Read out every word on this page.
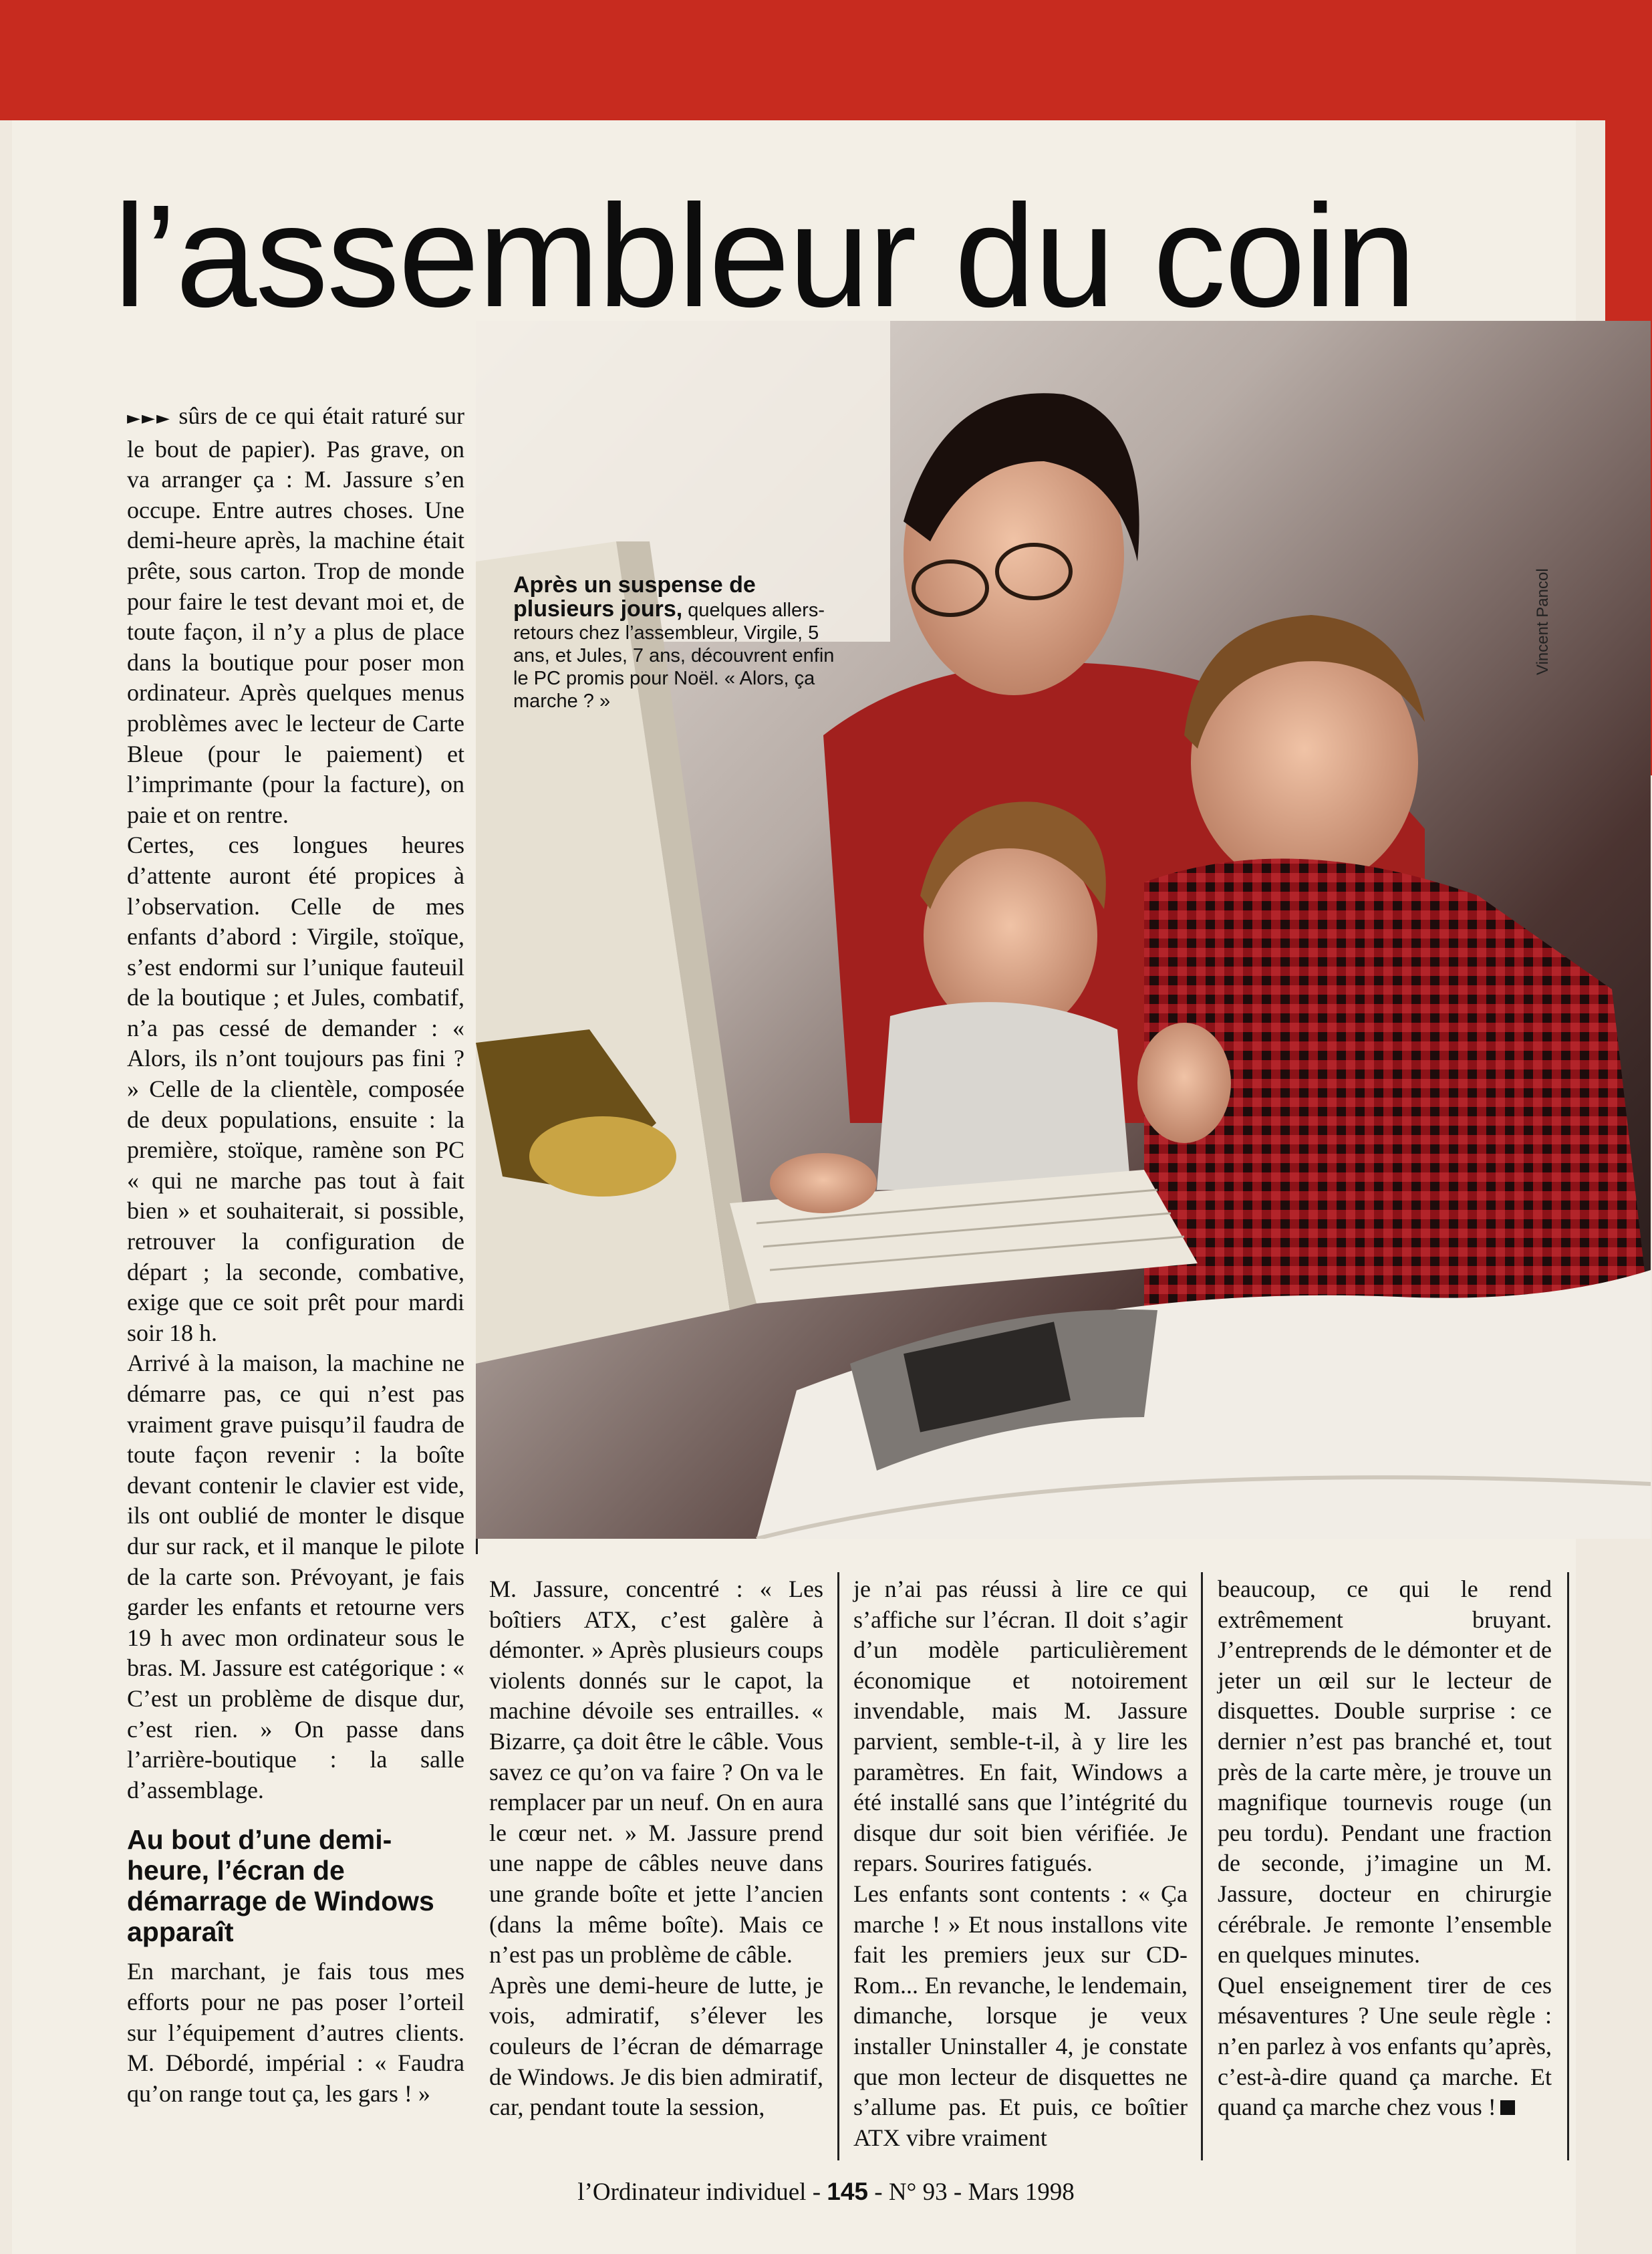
l’assembleur du coin
Vincent Pancol
Après un suspense de plusieurs jours, quelques allers-retours chez l’assembleur, Virgile, 5 ans, et Jules, 7 ans, découvrent enfin le PC promis pour Noël. « Alors, ça marche ? »

►►► sûrs de ce qui était raturé sur le bout de papier). Pas grave, on va arranger ça : M. Jassure s’en occupe. Entre autres choses. Une demi-heure après, la machine était prête, sous carton. Trop de monde pour faire le test devant moi et, de toute façon, il n’y a plus de place dans la boutique pour poser mon ordinateur. Après quelques menus problèmes avec le lecteur de Carte Bleue (pour le paiement) et l’imprimante (pour la facture), on paie et on rentre.

Certes, ces longues heures d’attente auront été propices à l’observation. Celle de mes enfants d’abord : Virgile, stoïque, s’est endormi sur l’unique fauteuil de la boutique ; et Jules, combatif, n’a pas cessé de demander : « Alors, ils n’ont toujours pas fini ? » Celle de la clientèle, composée de deux populations, ensuite : la première, stoïque, ramène son PC « qui ne marche pas tout à fait bien » et souhaiterait, si possible, retrouver la configuration de départ ; la seconde, combative, exige que ce soit prêt pour mardi soir 18 h.

Arrivé à la maison, la machine ne démarre pas, ce qui n’est pas vraiment grave puisqu’il faudra de toute façon revenir : la boîte devant contenir le clavier est vide, ils ont oublié de monter le disque dur sur rack, et il manque le pilote de la carte son. Prévoyant, je fais garder les enfants et retourne vers 19 h avec mon ordinateur sous le bras. M. Jassure est catégorique : « C’est un problème de disque dur, c’est rien. » On passe dans l’arrière-boutique : la salle d’assemblage.

Au bout d’une demi-heure, l’écran de démarrage de Windows apparaît

En marchant, je fais tous mes efforts pour ne pas poser l’orteil sur l’équipement d’autres clients. M. Débordé, impérial : « Faudra qu’on range tout ça, les gars ! »

M. Jassure, concentré : « Les boîtiers ATX, c’est galère à démonter. » Après plusieurs coups violents donnés sur le capot, la machine dévoile ses entrailles. « Bizarre, ça doit être le câble. Vous savez ce qu’on va faire ? On va le remplacer par un neuf. On en aura le cœur net. » M. Jassure prend une nappe de câbles neuve dans une grande boîte et jette l’ancien (dans la même boîte). Mais ce n’est pas un problème de câble.

Après une demi-heure de lutte, je vois, admiratif, s’élever les couleurs de l’écran de démarrage de Windows. Je dis bien admiratif, car, pendant toute la session,

je n’ai pas réussi à lire ce qui s’affiche sur l’écran. Il doit s’agir d’un modèle particulièrement économique et notoirement invendable, mais M. Jassure parvient, semble-t-il, à y lire les paramètres. En fait, Windows a été installé sans que l’intégrité du disque dur soit bien vérifiée. Je repars. Sourires fatigués.

Les enfants sont contents : « Ça marche ! » Et nous installons vite fait les premiers jeux sur CD-Rom... En revanche, le lendemain, dimanche, lorsque je veux installer Uninstaller 4, je constate que mon lecteur de disquettes ne s’allume pas. Et puis, ce boîtier ATX vibre vraiment

beaucoup, ce qui le rend extrêmement bruyant. J’entreprends de le démonter et de jeter un œil sur le lecteur de disquettes. Double surprise : ce dernier n’est pas branché et, tout près de la carte mère, je trouve un magnifique tournevis rouge (un peu tordu). Pendant une fraction de seconde, j’imagine un M. Jassure, docteur en chirurgie cérébrale. Je remonte l’ensemble en quelques minutes.

Quel enseignement tirer de ces mésaventures ? Une seule règle : n’en parlez à vos enfants qu’après, c’est-à-dire quand ça marche. Et quand ça marche chez vous !

l’Ordinateur individuel - 145 - N° 93 - Mars 1998
